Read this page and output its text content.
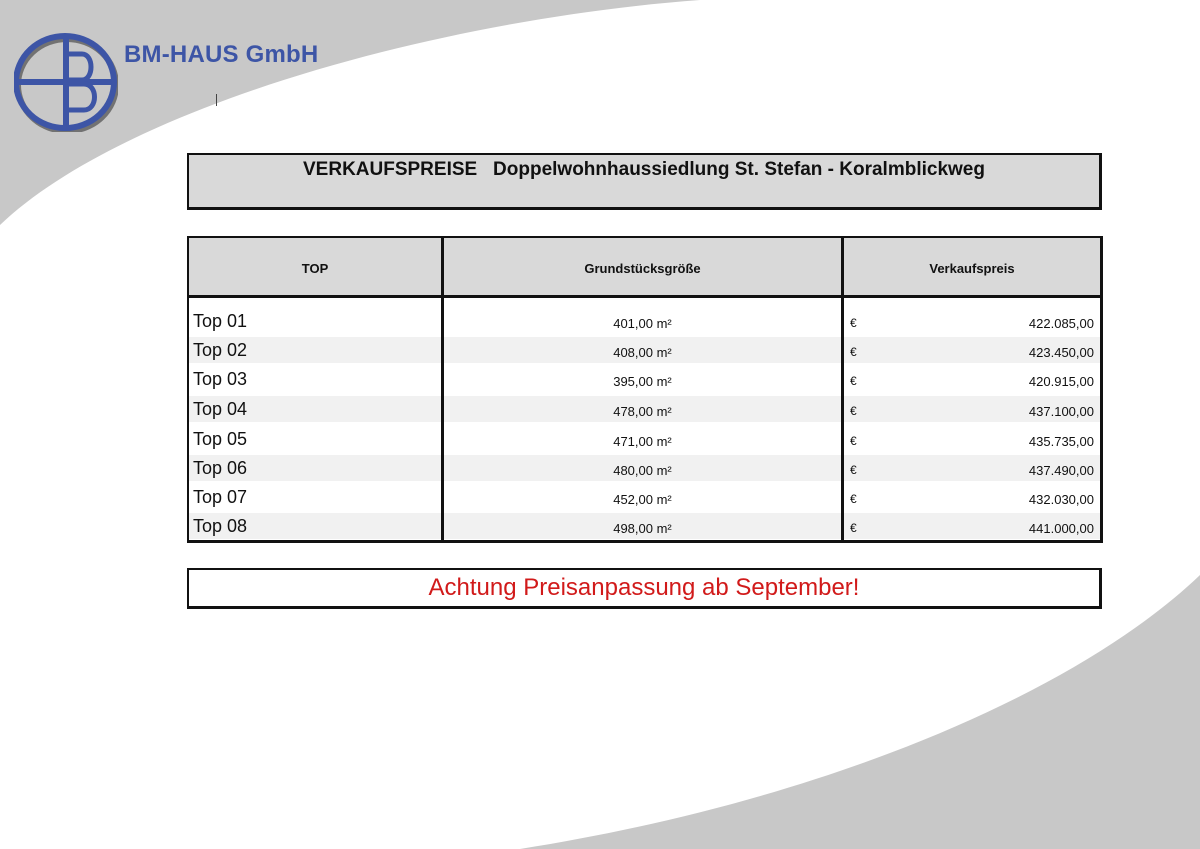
BM-HAUS GmbH
VERKAUFSPREISE   Doppelwohnhaussiedlung St. Stefan - Koralmblickweg
TOP	Grundstücksgröße	Verkaufspreis
Top 01	401,00 m²	€	422.085,00
Top 02	408,00 m²	€	423.450,00
Top 03	395,00 m²	€	420.915,00
Top 04	478,00 m²	€	437.100,00
Top 05	471,00 m²	€	435.735,00
Top 06	480,00 m²	€	437.490,00
Top 07	452,00 m²	€	432.030,00
Top 08	498,00 m²	€	441.000,00
Achtung Preisanpassung ab September!
